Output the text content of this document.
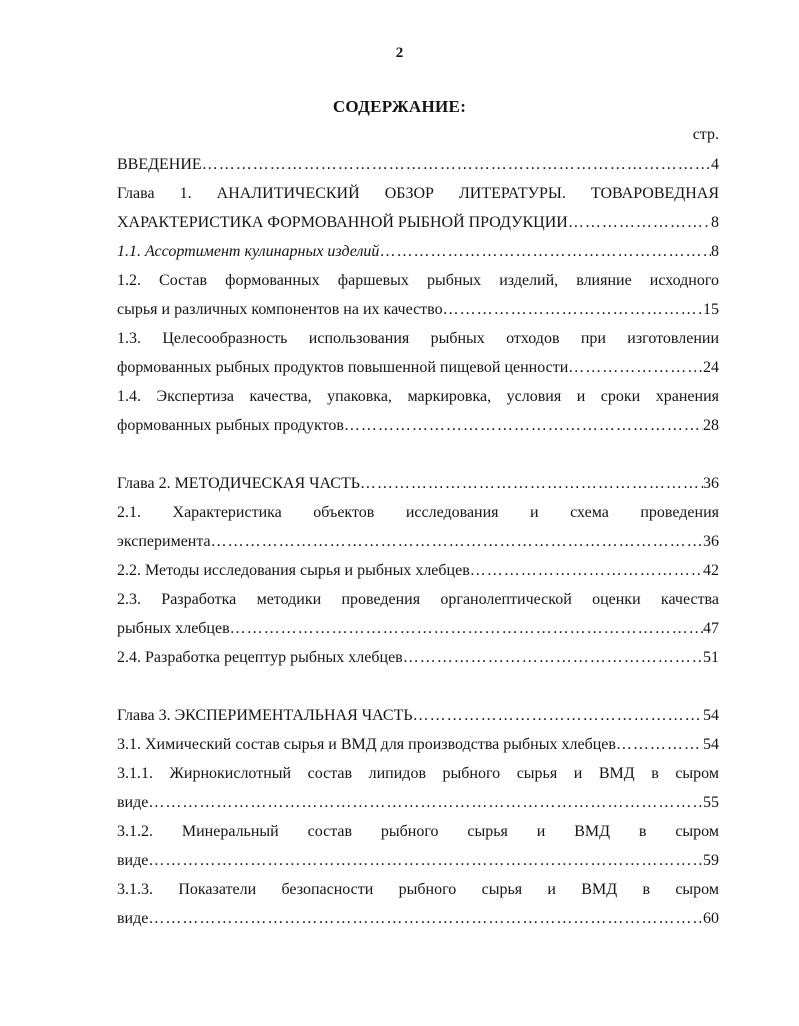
2
СОДЕРЖАНИЕ:
стр.
ВВЕДЕНИЕ ……………………………………………………………………………………………………………………………………	4
Глава 1. АНАЛИТИЧЕСКИЙ ОБЗОР ЛИТЕРАТУРЫ. ТОВАРОВЕДНАЯ
ХАРАКТЕРИСТИКА ФОРМОВАННОЙ РЫБНОЙ ПРОДУКЦИИ ……………………………………………………………………………………………………………………………………	8
1.1. Ассортимент кулинарных изделий ……………………………………………………………………………………………………………………………………	8
1.2. Состав формованных фаршевых рыбных изделий, влияние исходного
сырья и различных компонентов на их качество ……………………………………………………………………………………………………………………………………	15
1.3. Целесообразность использования рыбных отходов при изготовлении
формованных рыбных продуктов повышенной пищевой ценности ……………………………………………………………………………………………………………………………………	24
1.4. Экспертиза качества, упаковка, маркировка, условия и сроки хранения
формованных рыбных продуктов ……………………………………………………………………………………………………………………………………	28
Глава 2. МЕТОДИЧЕСКАЯ ЧАСТЬ ……………………………………………………………………………………………………………………………………	36
2.1. Характеристика объектов исследования и схема проведения
эксперимента ……………………………………………………………………………………………………………………………………	36
2.2. Методы исследования сырья и рыбных хлебцев ……………………………………………………………………………………………………………………………………	42
2.3. Разработка методики проведения органолептической оценки качества
рыбных хлебцев ……………………………………………………………………………………………………………………………………	47
2.4. Разработка рецептур рыбных хлебцев ……………………………………………………………………………………………………………………………………	51
Глава 3. ЭКСПЕРИМЕНТАЛЬНАЯ ЧАСТЬ ……………………………………………………………………………………………………………………………………	54
3.1. Химический состав сырья и ВМД для производства рыбных хлебцев ……………………………………………………………………………………………………………………………………	54
3.1.1. Жирнокислотный состав липидов рыбного сырья и ВМД в сыром
виде ……………………………………………………………………………………………………………………………………	55
3.1.2. Минеральный состав рыбного сырья и ВМД в сыром
виде ……………………………………………………………………………………………………………………………………	59
3.1.3. Показатели безопасности рыбного сырья и ВМД в сыром
виде ……………………………………………………………………………………………………………………………………	60
